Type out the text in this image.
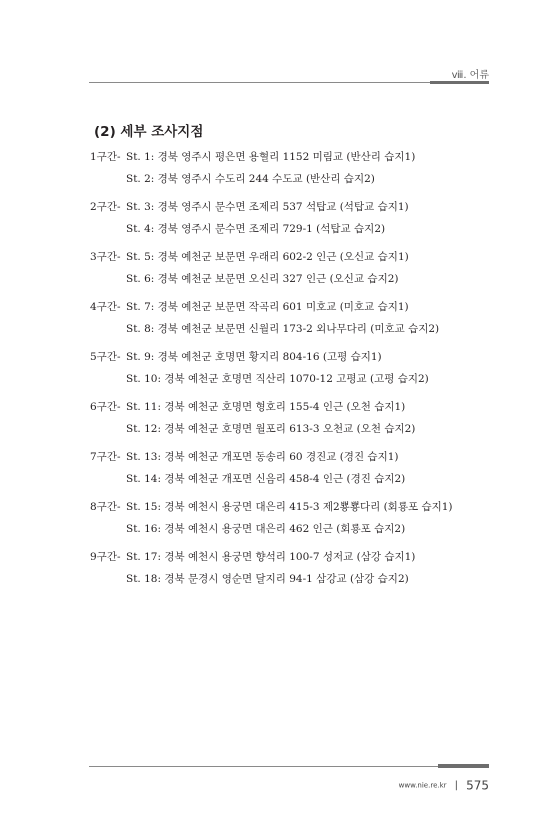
ⅷ. 어류
(2) 세부 조사지점
1구간- St. 1: 경북 영주시 평은면 용혈리 1152 미림교 (반산리 습지1)
St. 2: 경북 영주시 수도리 244 수도교 (반산리 습지2)
2구간- St. 3: 경북 영주시 문수면 조제리 537 석탑교 (석탑교 습지1)
St. 4: 경북 영주시 문수면 조제리 729-1 (석탑교 습지2)
3구간- St. 5: 경북 예천군 보문면 우래리 602-2 인근 (오신교 습지1)
St. 6: 경북 예천군 보문면 오신리 327 인근 (오신교 습지2)
4구간- St. 7: 경북 예천군 보문면 작곡리 601 미호교 (미호교 습지1)
St. 8: 경북 예천군 보문면 신월리 173-2 외나무다리 (미호교 습지2)
5구간- St. 9: 경북 예천군 호명면 황지리 804-16 (고평 습지1)
St. 10: 경북 예천군 호명면 직산리 1070-12 고평교 (고평 습지2)
6구간- St. 11: 경북 예천군 호명면 형호리 155-4 인근 (오천 습지1)
St. 12: 경북 예천군 호명면 월포리 613-3 오천교 (오천 습지2)
7구간- St. 13: 경북 예천군 개포면 동송리 60 경진교 (경진 습지1)
St. 14: 경북 예천군 개포면 신음리 458-4 인근 (경진 습지2)
8구간- St. 15: 경북 예천시 용궁면 대은리 415-3 제2뿅뿅다리 (회룡포 습지1)
St. 16: 경북 예천시 용궁면 대은리 462 인근 (회룡포 습지2)
9구간- St. 17: 경북 예천시 용궁면 향석리 100-7 성저교 (삼강 습지1)
St. 18: 경북 문경시 영순면 달지리 94-1 삼강교 (삼강 습지2)
www.nie.re.kr | 575
